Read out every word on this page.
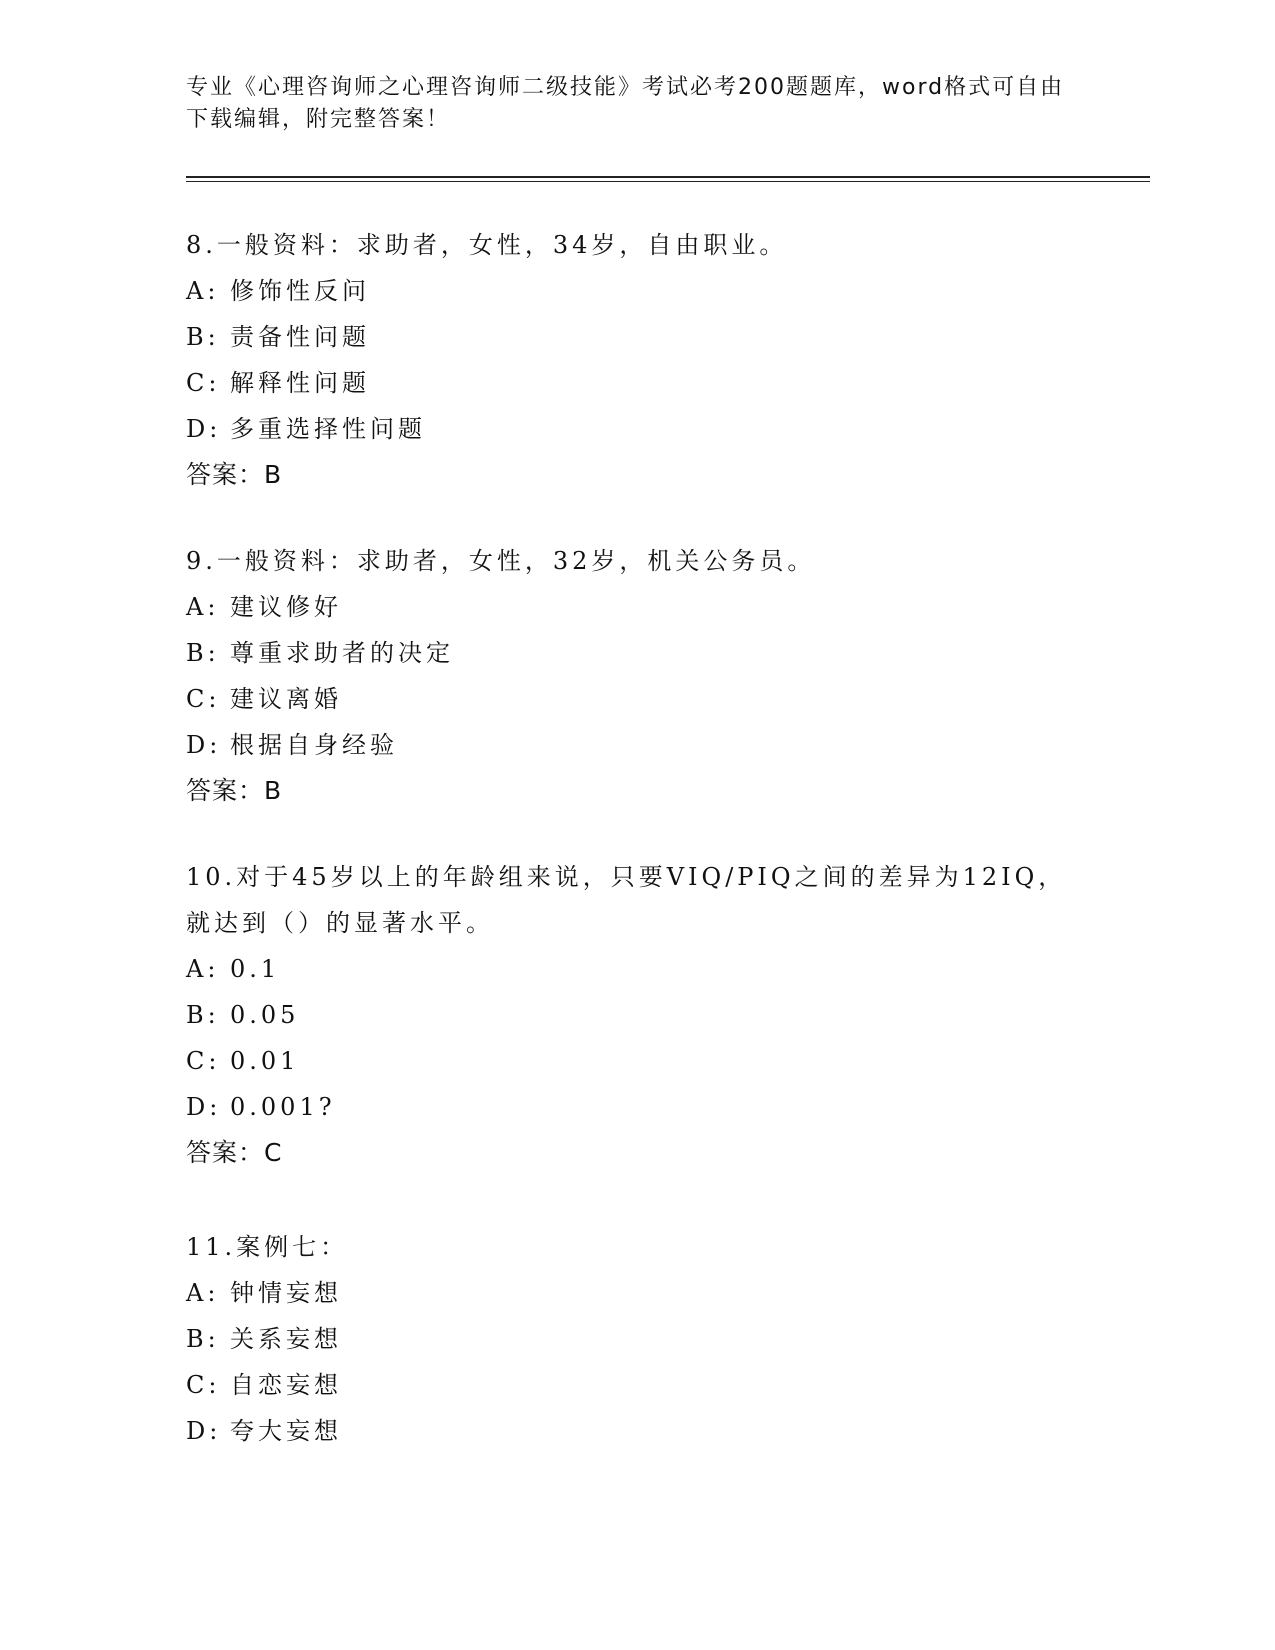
专业《心理咨询师之心理咨询师二级技能》考试必考200题题库，word格式可自由下载编辑，附完整答案！

8.一般资料：求助者，女性，34岁，自由职业。

A: 修饰性反问

B: 责备性问题

C: 解释性问题

D: 多重选择性问题

答案：B

9.一般资料：求助者，女性，32岁，机关公务员。

A: 建议修好

B: 尊重求助者的决定

C: 建议离婚

D: 根据自身经验

答案：B

10.对于45岁以上的年龄组来说，只要VIQ/PIQ之间的差异为12IQ，就达到（）的显著水平。

A: 0.1

B: 0.05

C: 0.01

D: 0.001?

答案：C

11.案例七：

A: 钟情妄想

B: 关系妄想

C: 自恋妄想

D: 夸大妄想
